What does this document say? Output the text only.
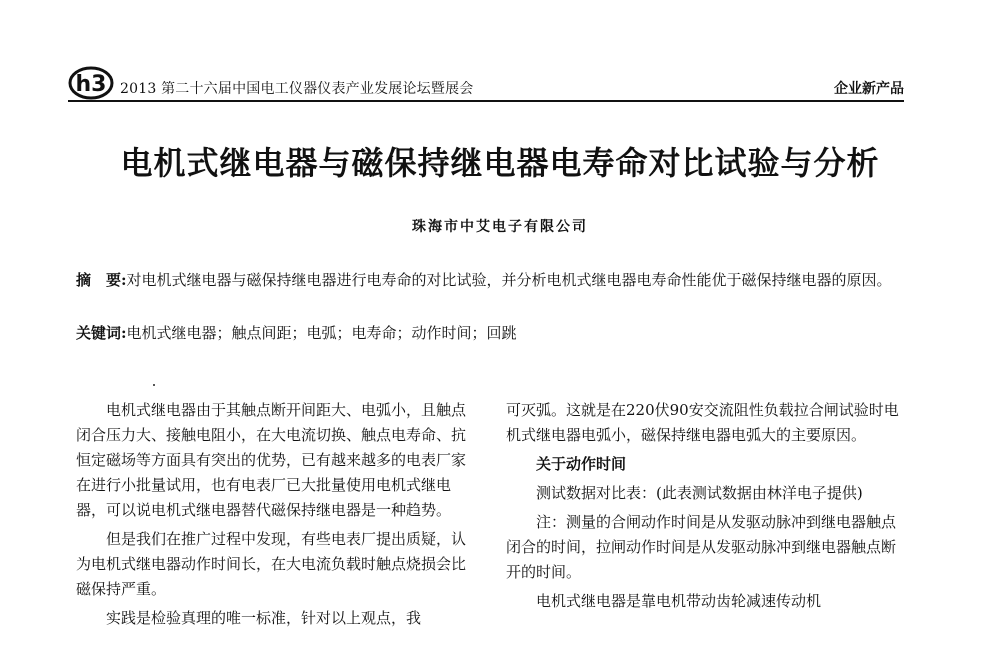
h3 2013 第二十六届中国电工仪器仪表产业发展论坛暨展会	企业新产品
电机式继电器与磁保持继电器电寿命对比试验与分析
珠海市中艾电子有限公司
摘　要:对电机式继电器与磁保持继电器进行电寿命的对比试验，并分析电机式继电器电寿命性能优于磁保持继电器的原因。
关键词:电机式继电器；触点间距；电弧；电寿命；动作时间；回跳

电机式继电器由于其触点断开间距大、电弧小，且触点闭合压力大、接触电阻小，在大电流切换、触点电寿命、抗恒定磁场等方面具有突出的优势，已有越来越多的电表厂家在进行小批量试用，也有电表厂已大批量使用电机式继电器，可以说电机式继电器替代磁保持继电器是一种趋势。

但是我们在推广过程中发现，有些电表厂提出质疑，认为电机式继电器动作时间长，在大电流负载时触点烧损会比磁保持严重。

实践是检验真理的唯一标准，针对以上观点，我

可灭弧。这就是在220伏90安交流阻性负载拉合闸试验时电机式继电器电弧小，磁保持继电器电弧大的主要原因。

关于动作时间

测试数据对比表：(此表测试数据由林洋电子提供)

注：测量的合闸动作时间是从发驱动脉冲到继电器触点闭合的时间，拉闸动作时间是从发驱动脉冲到继电器触点断开的时间。

电机式继电器是靠电机带动齿轮减速传动机
